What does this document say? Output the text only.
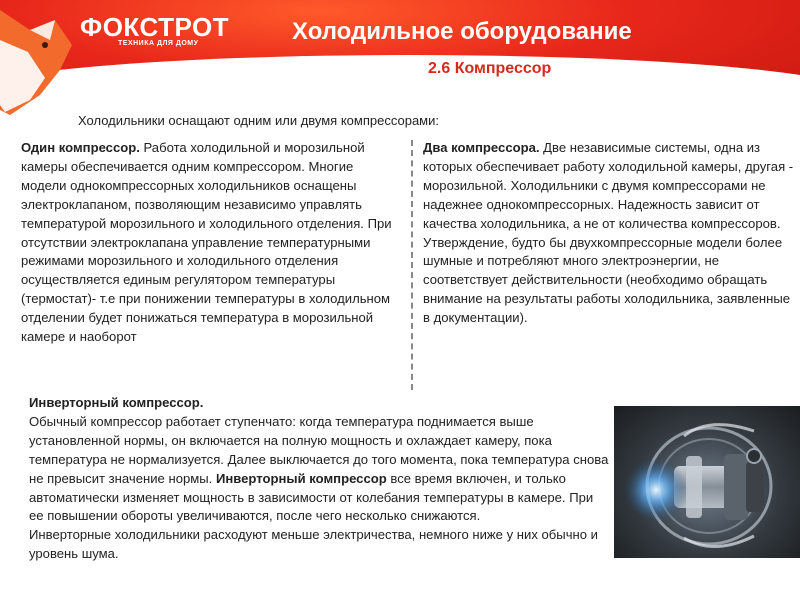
ФОКСТРОТ
ТЕХНИКА ДЛЯ ДОМУ	Холодильное оборудование
2.6 Компрессор
Холодильники оснащают одним или двумя компрессорами:
Один компрессор. Работа холодильной и морозильной камеры обеспечивается одним компрессором. Многие модели однокомпрессорных холодильников оснащены электроклапаном, позволяющим независимо управлять температурой морозильного и холодильного отделения. При отсутствии электроклапана управление температурными режимами морозильного и холодильного отделения осуществляется единым регулятором температуры (термостат)- т.е при понижении температуры в холодильном отделении будет понижаться температура в морозильной камере и наоборот
Два компрессора. Две независимые системы, одна из которых обеспечивает работу холодильной камеры, другая - морозильной. Холодильники с двумя компрессорами не надежнее однокомпрессорных. Надежность зависит от качества холодильника, а не от количества компрессоров. Утверждение, будто бы двухкомпрессорные модели более шумные и потребляют много электроэнергии, не соответствует действительности (необходимо обращать внимание на результаты работы холодильника, заявленные в документации).
Инверторный компрессор.
Обычный компрессор работает ступенчато: когда температура поднимается выше установленной нормы, он включается на полную мощность и охлаждает камеру, пока температура не нормализуется. Далее выключается до того момента, пока температура снова не превысит значение нормы. Инверторный компрессор все время включен, и только автоматически изменяет мощность в зависимости от колебания температуры в камере. При ее повышении обороты увеличиваются, после чего несколько снижаются.
Инверторные холодильники расходуют меньше электричества, немного ниже у них обычно и уровень шума.
